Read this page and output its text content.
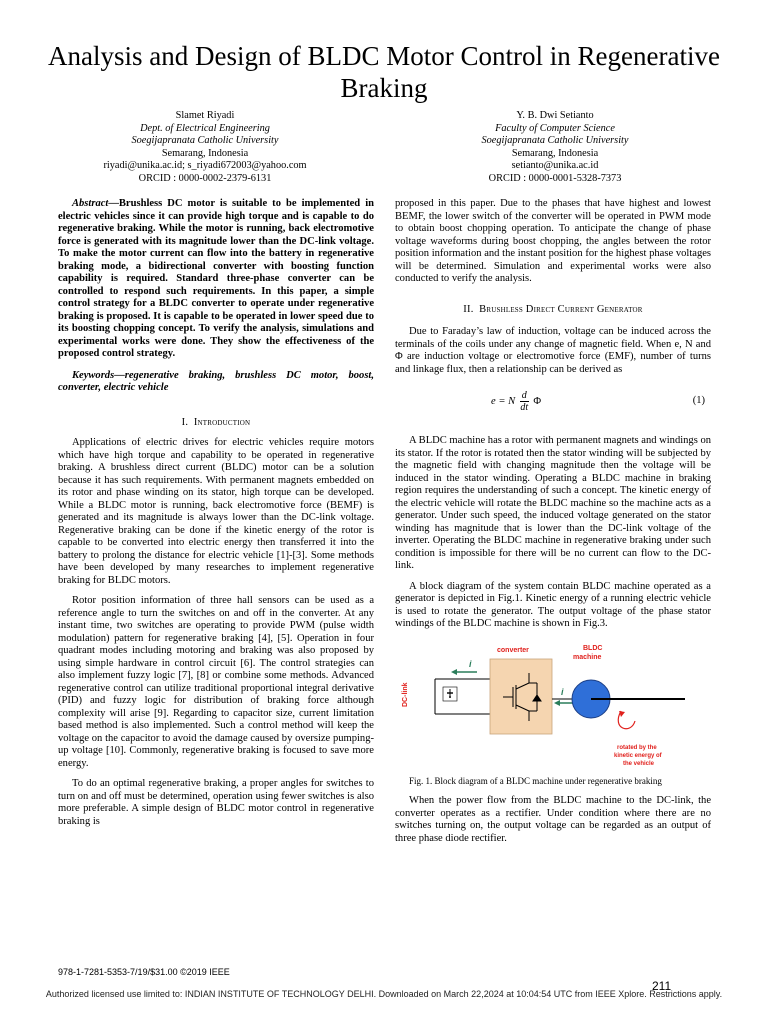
Analysis and Design of BLDC Motor Control in Regenerative Braking
Slamet Riyadi
Dept. of Electrical Engineering
Soegijapranata Catholic University
Semarang, Indonesia
riyadi@unika.ac.id; s_riyadi672003@yahoo.com
ORCID : 0000-0002-2379-6131
Y. B. Dwi Setianto
Faculty of Computer Science
Soegijapranata Catholic University
Semarang, Indonesia
setianto@unika.ac.id
ORCID : 0000-0001-5328-7373

Abstract—Brushless DC motor is suitable to be implemented in electric vehicles since it can provide high torque and is capable to do regenerative braking. While the motor is running, back electromotive force is generated with its magnitude lower than the DC-link voltage. To make the motor current can flow into the battery in regenerative braking mode, a bidirectional converter with boosting function capability is required. Standard three-phase converter can be controlled to respond such requirements. In this paper, a simple control strategy for a BLDC converter to operate under regenerative braking is proposed. It is capable to be operated in lower speed due to its boosting chopping concept. To verify the analysis, simulations and experimental works were done. They show the effectiveness of the proposed control strategy.

Keywords—regenerative braking, brushless DC motor, boost, converter, electric vehicle

I. Introduction

Applications of electric drives for electric vehicles require motors which have high torque and capability to be operated in regenerative braking. A brushless direct current (BLDC) motor can be a solution because it has such requirements. With permanent magnets embedded on its rotor and phase winding on its stator, high torque can be developed. While a BLDC motor is running, back electromotive force (BEMF) is generated and its magnitude is always lower than the DC-link voltage. Regenerative braking can be done if the kinetic energy of the rotor is capable to be converted into electric energy then transferred it into the battery to prolong the distance for electric vehicle [1]-[3]. Some methods have been developed by many researches to implement regenerative braking for BLDC motors.

Rotor position information of three hall sensors can be used as a reference angle to turn the switches on and off in the converter. At any instant time, two switches are operating to provide PWM (pulse width modulation) pattern for regenerative braking [4], [5]. Operation in four quadrant modes including motoring and braking was also proposed by using simple hardware in control circuit [6]. The control strategies can also implement fuzzy logic [7], [8] or combine some methods. Advanced regenerative control can utilize traditional proportional integral derivative (PID) and fuzzy logic for distribution of braking force although complexity will arise [9]. Regarding to capacitor size, current limitation based method is also implemented. Such a control method will keep the voltage on the capacitor to avoid the damage caused by oversize pumping-up voltage [10]. Commonly, regenerative braking is focused to save more energy.

To do an optimal regenerative braking, a proper angles for switches to turn on and off must be determined, operation using fewer switches is also more preferable. A simple design of BLDC motor control in regenerative braking is

proposed in this paper. Due to the phases that have highest and lowest BEMF, the lower switch of the converter will be operated in PWM mode to obtain boost chopping operation. To anticipate the change of phase voltage waveforms during boost chopping, the angles between the rotor position information and the instant position for the highest phase voltages will be determined. Simulation and experimental works were also conducted to verify the analysis.

II. Brushless Direct Current Generator

Due to Faraday’s law of induction, voltage can be induced across the terminals of the coils under any change of magnetic field. When e, N and Φ are induction voltage or electromotive force (EMF), number of turns and linkage flux, then a relationship can be derived as

e = N $\frac{d}{dt}$ Φ	(1)

A BLDC machine has a rotor with permanent magnets and windings on its stator. If the rotor is rotated then the stator winding will be subjected by the magnetic field with changing magnitude then the voltage will be induced in the stator winding. Operating a BLDC machine in braking region requires the understanding of such a concept. The kinetic energy of the electric vehicle will rotate the BLDC machine so the machine acts as a generator. Under such speed, the induced voltage generated on the stator winding has magnitude that is lower than the DC-link voltage of the inverter. Operating the BLDC machine in regenerative braking under such condition is impossible for there will be no current can flow to the DC-link.

A block diagram of the system contain BLDC machine operated as a generator is depicted in Fig.1. Kinetic energy of a running electric vehicle is used to rotate the generator. The output voltage of the phase stator windings of the BLDC machine is shown in Fig.3.

DC-link
i
converter
i
BLDC
machine
rotated by the
kinetic energy of
the vehicle

Fig. 1. Block diagram of a BLDC machine under regenerative braking

When the power flow from the BLDC machine to the DC-link, the converter operates as a rectifier. Under condition where there are no switches turning on, the output voltage can be regarded as an output of three phase diode rectifier.

978-1-7281-5353-7/19/$31.00 ©2019 IEEE
211
Authorized licensed use limited to: INDIAN INSTITUTE OF TECHNOLOGY DELHI. Downloaded on March 22,2024 at 10:04:54 UTC from IEEE Xplore. Restrictions apply.
